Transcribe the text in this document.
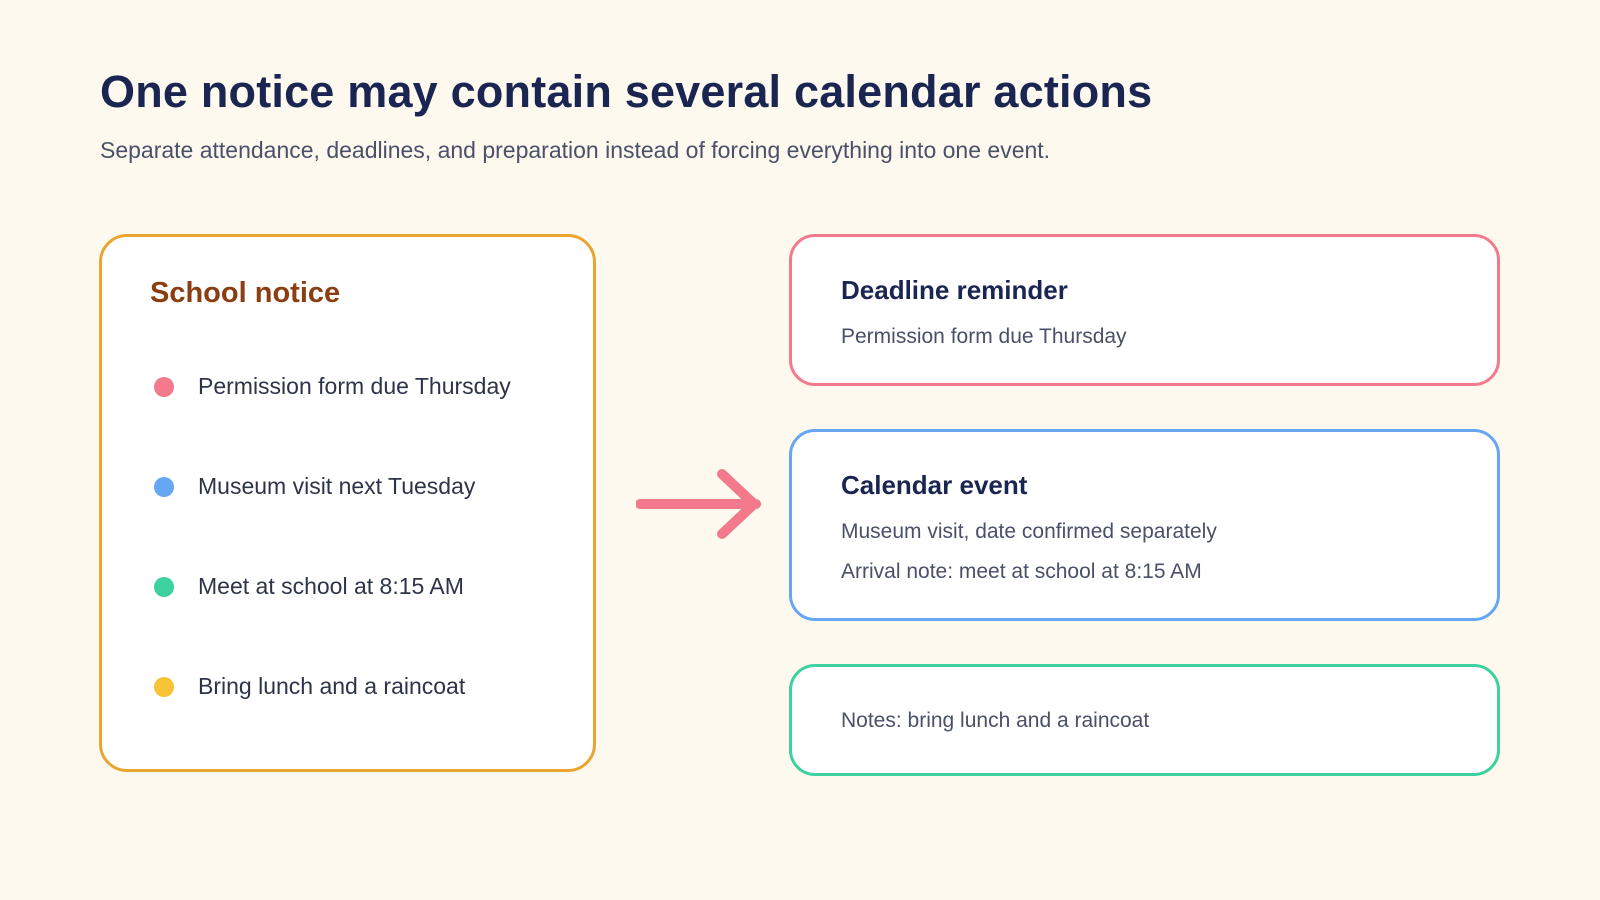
One notice may contain several calendar actions

Separate attendance, deadlines, and preparation instead of forcing everything into one event.

School notice
Permission form due Thursday
Museum visit next Tuesday
Meet at school at 8:15 AM
Bring lunch and a raincoat
Deadline reminder

Permission form due Thursday

Calendar event

Museum visit, date confirmed separately

Arrival note: meet at school at 8:15 AM

Notes: bring lunch and a raincoat
